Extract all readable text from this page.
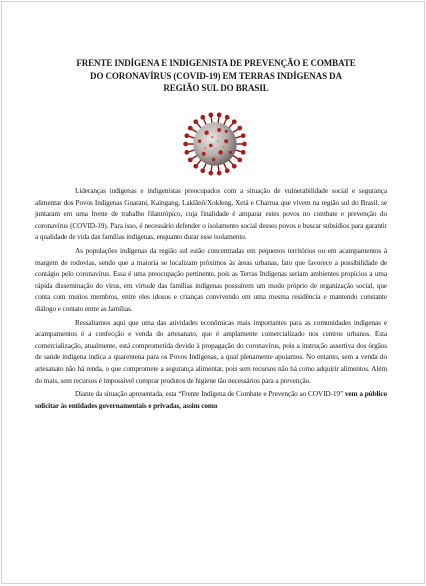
FRENTE INDÍGENA E INDIGENISTA DE PREVENÇÃO E COMBATE DO CORONAVÍRUS (COVID-19) EM TERRAS INDÍGENAS DA REGIÃO SUL DO BRASIL

Lideranças indígenas e indigenistas preocupados com a situação de vulnerabilidade social e segurança alimentar dos Povos Indígenas Guarani, Kaingang, Laklãnõ/Xokleng, Xetá e Charrua que vivem na região sul do Brasil, se juntaram em uma frente de trabalho filantrópico, cuja finalidade é amparar estes povos no combate e prevenção do coronavírus (COVID-19). Para isso, é necessário defender o isolamento social desses povos e buscar subsídios para garantir a qualidade de vida das famílias indígenas, enquanto durar esse isolamento.

As populações indígenas da região sul estão concentradas em pequenos territórios ou em acampamentos à margem de rodovias, sendo que a maioria se localizam próximos às áreas urbanas, fato que favorece a possibilidade de contágio pelo coronavírus. Essa é uma preocupação pertinente, pois as Terras Indígenas seriam ambientes propícios a uma rápida disseminação do vírus, em virtude das famílias indígenas possuírem um modo próprio de organização social, que conta com muitos membros, entre eles idosos e crianças convivendo em uma mesma residência e mantendo constante diálogo e contato entre as famílias.

Ressaltamos aqui que uma das atividades econômicas mais importantes para as comunidades indígenas e acampamentos é a confecção e venda do artesanato, que é amplamente comercializado nos centros urbanos. Esta comercialização, atualmente, está comprometida devido à propagação do coronavírus, pois a instrução assertiva dos órgãos de saúde indígena indica a quarentena para os Povos Indígenas, a qual plenamente apoiamos. No entanto, sem a venda do artesanato não há renda, o que compromete a segurança alimentar, pois sem recursos não há como adquirir alimentos. Além do mais, sem recursos é impossível comprar produtos de higiene tão necessários para a prevenção.

Diante da situação apresentada, esta “Frente Indígena de Combate e Prevenção ao COVID-19” vem a público solicitar às entidades governamentais e privadas, assim como
